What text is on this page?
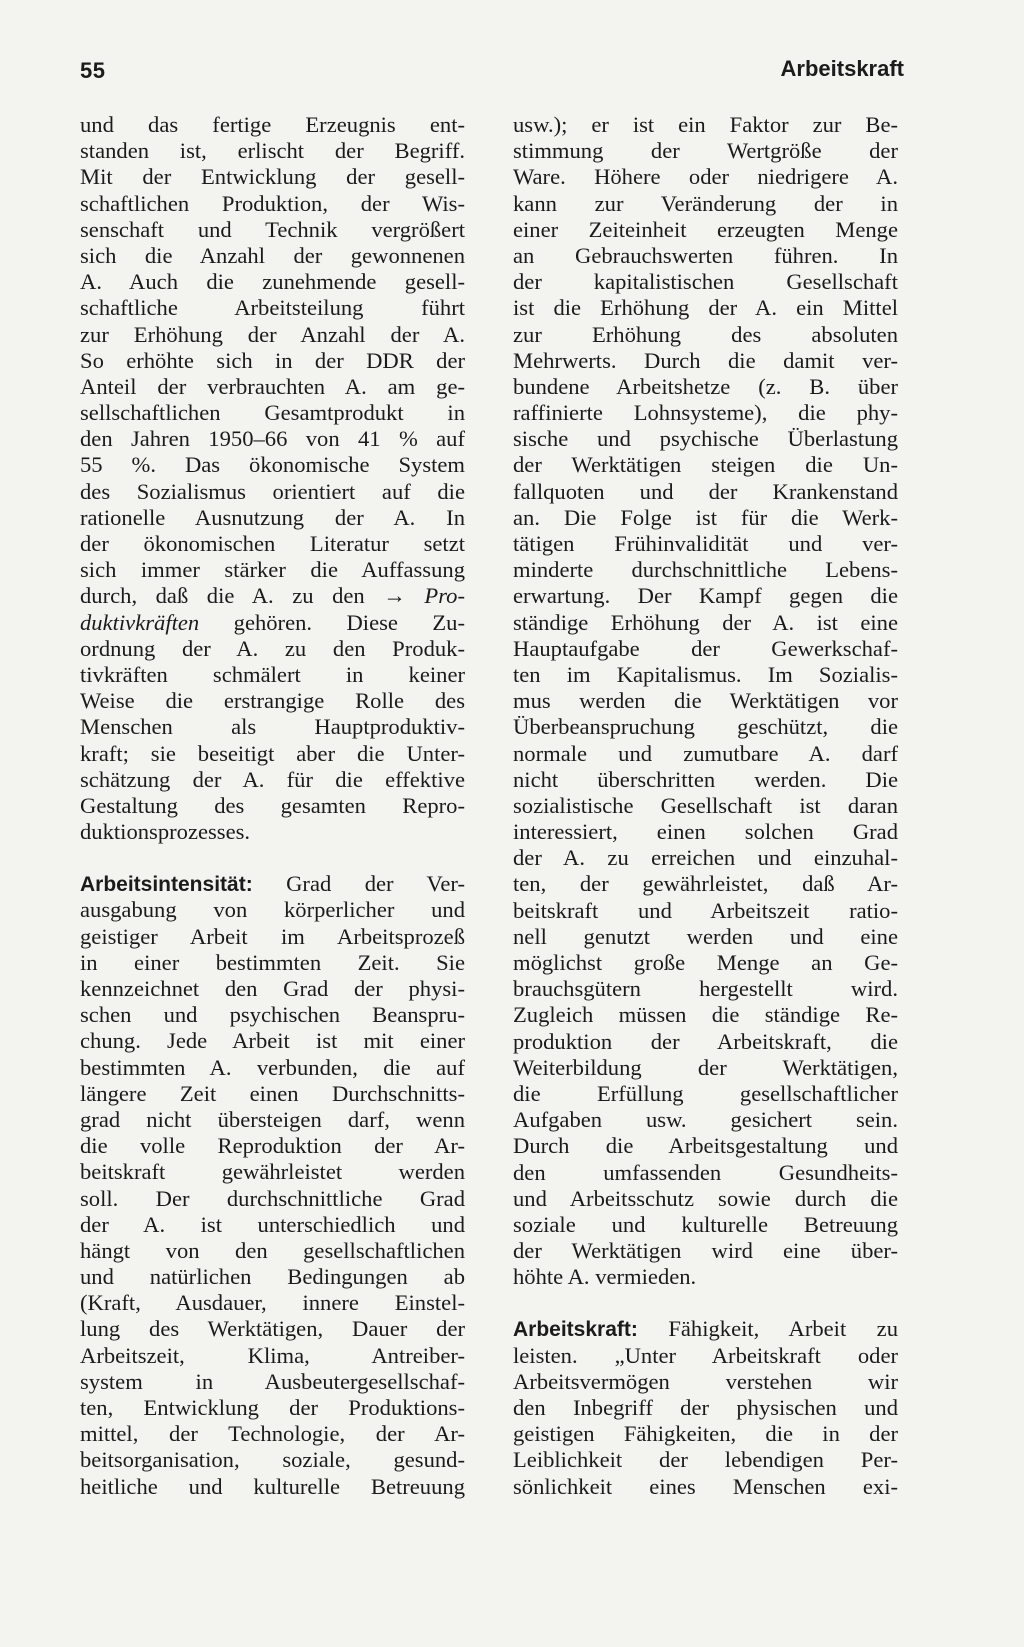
55	Arbeitskraft
und das fertige Erzeugnis ent-
standen ist, erlischt der Begriff.
Mit der Entwicklung der gesell-
schaftlichen Produktion, der Wis-
senschaft und Technik vergrößert
sich die Anzahl der gewonnenen
A. Auch die zunehmende gesell-
schaftliche Arbeitsteilung führt
zur Erhöhung der Anzahl der A.
So erhöhte sich in der DDR der
Anteil der verbrauchten A. am ge-
sellschaftlichen Gesamtprodukt in
den Jahren 1950–66 von 41 % auf
55 %. Das ökonomische System
des Sozialismus orientiert auf die
rationelle Ausnutzung der A. In
der ökonomischen Literatur setzt
sich immer stärker die Auffassung
durch, daß die A. zu den → Pro-
duktivkräften gehören. Diese Zu-
ordnung der A. zu den Produk-
tivkräften schmälert in keiner
Weise die erstrangige Rolle des
Menschen als Hauptproduktiv-
kraft; sie beseitigt aber die Unter-
schätzung der A. für die effektive
Gestaltung des gesamten Repro-
duktionsprozesses.
Arbeitsintensität: Grad der Ver-
ausgabung von körperlicher und
geistiger Arbeit im Arbeitsprozeß
in einer bestimmten Zeit. Sie
kennzeichnet den Grad der physi-
schen und psychischen Beanspru-
chung. Jede Arbeit ist mit einer
bestimmten A. verbunden, die auf
längere Zeit einen Durchschnitts-
grad nicht übersteigen darf, wenn
die volle Reproduktion der Ar-
beitskraft gewährleistet werden
soll. Der durchschnittliche Grad
der A. ist unterschiedlich und
hängt von den gesellschaftlichen
und natürlichen Bedingungen ab
(Kraft, Ausdauer, innere Einstel-
lung des Werktätigen, Dauer der
Arbeitszeit, Klima, Antreiber-
system in Ausbeutergesellschaf-
ten, Entwicklung der Produktions-
mittel, der Technologie, der Ar-
beitsorganisation, soziale, gesund-
heitliche und kulturelle Betreuung
usw.); er ist ein Faktor zur Be-
stimmung der Wertgröße der
Ware. Höhere oder niedrigere A.
kann zur Veränderung der in
einer Zeiteinheit erzeugten Menge
an Gebrauchswerten führen. In
der kapitalistischen Gesellschaft
ist die Erhöhung der A. ein Mittel
zur Erhöhung des absoluten
Mehrwerts. Durch die damit ver-
bundene Arbeitshetze (z. B. über
raffinierte Lohnsysteme), die phy-
sische und psychische Überlastung
der Werktätigen steigen die Un-
fallquoten und der Krankenstand
an. Die Folge ist für die Werk-
tätigen Frühinvalidität und ver-
minderte durchschnittliche Lebens-
erwartung. Der Kampf gegen die
ständige Erhöhung der A. ist eine
Hauptaufgabe der Gewerkschaf-
ten im Kapitalismus. Im Sozialis-
mus werden die Werktätigen vor
Überbeanspruchung geschützt, die
normale und zumutbare A. darf
nicht überschritten werden. Die
sozialistische Gesellschaft ist daran
interessiert, einen solchen Grad
der A. zu erreichen und einzuhal-
ten, der gewährleistet, daß Ar-
beitskraft und Arbeitszeit ratio-
nell genutzt werden und eine
möglichst große Menge an Ge-
brauchsgütern hergestellt wird.
Zugleich müssen die ständige Re-
produktion der Arbeitskraft, die
Weiterbildung der Werktätigen,
die Erfüllung gesellschaftlicher
Aufgaben usw. gesichert sein.
Durch die Arbeitsgestaltung und
den umfassenden Gesundheits-
und Arbeitsschutz sowie durch die
soziale und kulturelle Betreuung
der Werktätigen wird eine über-
höhte A. vermieden.
Arbeitskraft: Fähigkeit, Arbeit zu
leisten. „Unter Arbeitskraft oder
Arbeitsvermögen verstehen wir
den Inbegriff der physischen und
geistigen Fähigkeiten, die in der
Leiblichkeit der lebendigen Per-
sönlichkeit eines Menschen exi-
